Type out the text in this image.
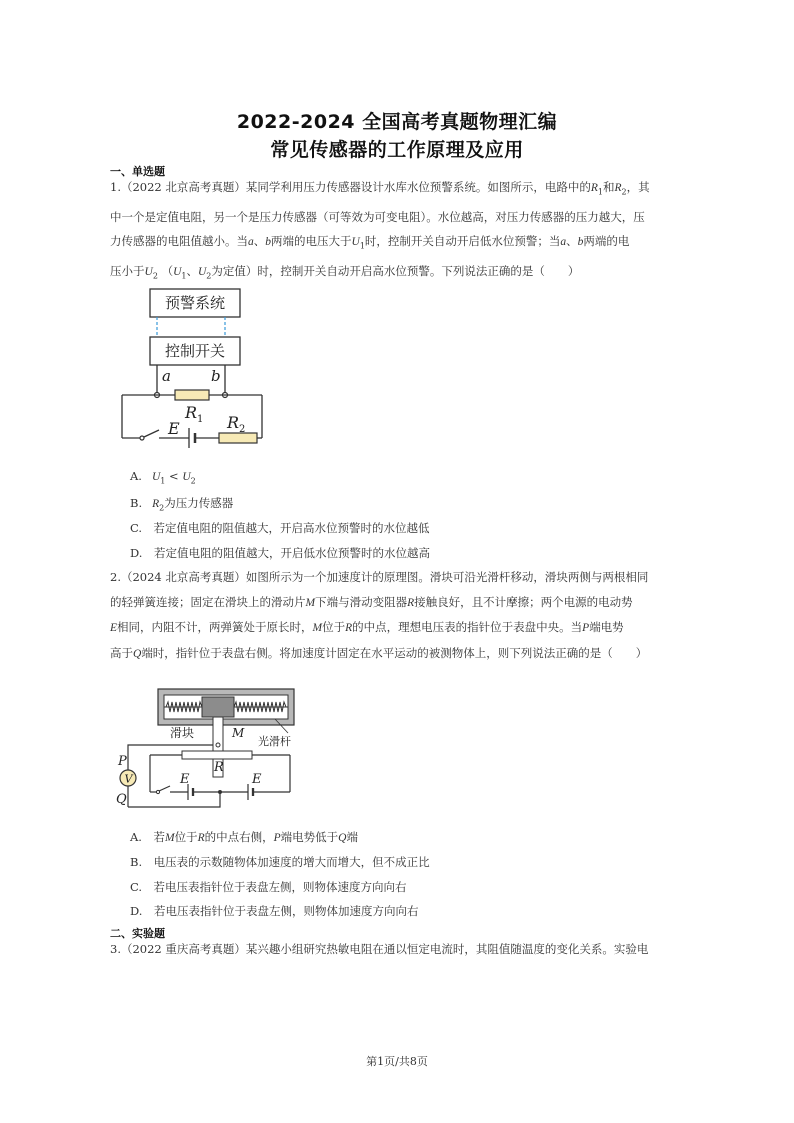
2022-2024 全国高考真题物理汇编
常见传感器的工作原理及应用
一、单选题
1.（2022 北京高考真题）某同学利用压力传感器设计水库水位预警系统。如图所示，电路中的$R_1$和$R_2$，其
中一个是定值电阻，另一个是压力传感器（可等效为可变电阻）。水位越高，对压力传感器的压力越大，压
力传感器的电阻值越小。当a、b两端的电压大于$U_1$时，控制开关自动开启低水位预警；当a、b两端的电
压小于$U_2$ （$U_1$、$U_2$为定值）时，控制开关自动开启高水位预警。下列说法正确的是（　　）
预警系统
控制开关
a	b
R 1
E	R 2
A. $U_1 < U_2$
B. $R_2$为压力传感器
C.　若定值电阻的阻值越大，开启高水位预警时的水位越低
D.　若定值电阻的阻值越大，开启低水位预警时的水位越高
2.（2024 北京高考真题）如图所示为一个加速度计的原理图。滑块可沿光滑杆移动，滑块两侧与两根相同
的轻弹簧连接；固定在滑块上的滑动片M下端与滑动变阻器R接触良好，且不计摩擦；两个电源的电动势
E相同，内阻不计，两弹簧处于原长时，M位于R的中点，理想电压表的指针位于表盘中央。当P端电势
高于Q端时，指针位于表盘右侧。将加速度计固定在水平运动的被测物体上，则下列说法正确的是（　　）
滑块	M
光滑杆
R
V
P
Q
E	E
A.　若M位于R的中点右侧，P端电势低于Q端
B.　电压表的示数随物体加速度的增大而增大，但不成正比
C.　若电压表指针位于表盘左侧，则物体速度方向向右
D.　若电压表指针位于表盘左侧，则物体加速度方向向右
二、实验题
3.（2022 重庆高考真题）某兴趣小组研究热敏电阻在通以恒定电流时，其阻值随温度的变化关系。实验电
第1页/共8页
